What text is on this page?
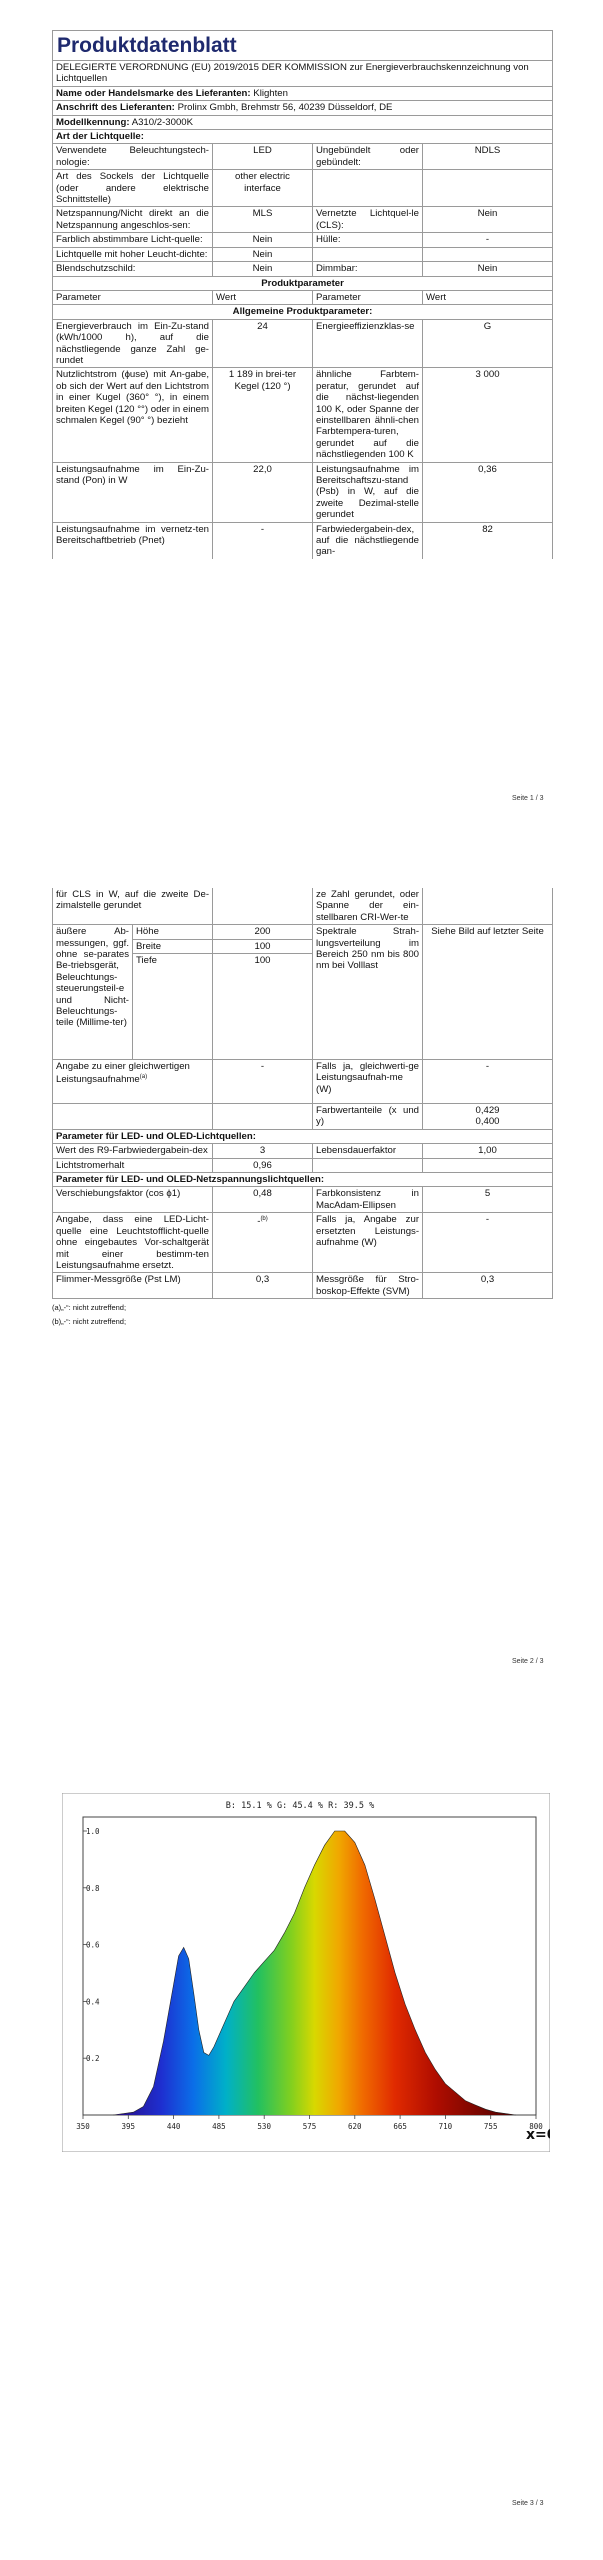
Produktdatenblatt			
DELEGIERTE VERORDNUNG (EU) 2019/2015 DER KOMMISSION zur Energieverbrauchskennzeichnung von Lichtquellen			
Name oder Handelsmarke des Lieferanten: Klighten			
Anschrift des Lieferanten: Prolinx Gmbh, Brehmstr 56, 40239 Düsseldorf, DE			
Modellkennung: A310/2-3000K			
Art der Lichtquelle:			
Verwendete Beleuchtungstech-nologie:	LED	Ungebündelt oder gebündelt:	NDLS
Art des Sockels der Lichtquelle (oder andere elektrische Schnittstelle)	other electric interface		
Netzspannung/Nicht direkt an die Netzspannung angeschlos-sen:	MLS	Vernetzte Lichtquel-le (CLS):	Nein
Farblich abstimmbare Licht-quelle:	Nein	Hülle:	-
Lichtquelle mit hoher Leucht-dichte:	Nein		
Blendschutzschild:	Nein	Dimmbar:	Nein
Produktparameter			
Parameter	Wert	Parameter	Wert
Allgemeine Produktparameter:			
Energieverbrauch im Ein-Zu-stand (kWh/1000 h), auf die nächstliegende ganze Zahl ge-rundet	24	Energieeffizienzklas-se	G
Nutzlichtstrom (ϕuse) mit An-gabe, ob sich der Wert auf den Lichtstrom in einer Kugel (360° °), in einem breiten Kegel (120 °°) oder in einem schmalen Kegel (90° °) bezieht	1 189 in brei-ter Kegel (120 °)	ähnliche Farbtem-peratur, gerundet auf die nächst-liegenden 100 K, oder Spanne der einstellbaren ähnli-chen Farbtempera-turen, gerundet auf die nächstliegenden 100 K	3 000
Leistungsaufnahme im Ein-Zu-stand (Pon) in W	22,0	Leistungsaufnahme im Bereitschaftszu-stand (Psb) in W, auf die zweite Dezimal-stelle gerundet	0,36
Leistungsaufnahme im vernetz-ten Bereitschaftbetrieb (Pnet)	-	Farbwiedergabein-dex, auf die nächstliegende gan-	82
Seite 1 / 3
für CLS in W, auf die zweite De-zimalstelle gerundet			ze Zahl gerundet, oder Spanne der ein-stellbaren CRI-Wer-te	
äußere Ab-messungen, ggf. ohne se-parates Be-triebsgerät, Beleuchtungs-steuerungsteil-e und Nicht-Beleuchtungs-teile (Millime-ter)	Höhe	200	Spektrale Strah-lungsverteilung im Bereich 250 nm bis 800 nm bei Volllast	Siehe Bild auf letzter Seite
	Breite	100		
	Tiefe	100		
Angabe zu einer gleichwertigen Leistungsaufnahme$^{(a)}$		-	Falls ja, gleichwerti-ge Leistungsaufnah-me (W)	-
			Farbwertanteile (x und y)	0,429
0,400

Parameter für LED- und OLED-Lichtquellen:				
Wert des R9-Farbwiedergabein-dex		3	Lebensdauerfaktor	1,00
Lichtstromerhalt		0,96		
Parameter für LED- und OLED-Netzspannungslichtquellen:				
Verschiebungsfaktor (cos ϕ1)		0,48	Farbkonsistenz in MacAdam-Ellipsen	5
Angabe, dass eine LED-Licht-quelle eine Leuchtstofflicht-quelle ohne eingebautes Vor-schaltgerät mit einer bestimm-ten Leistungsaufnahme ersetzt.		-$^{(b)}$	Falls ja, Angabe zur ersetzten Leistungs-aufnahme (W)	-
Flimmer-Messgröße (Pst LM)		0,3	Messgröße für Stro-boskop-Effekte (SVM)	0,3
(a)„-“: nicht zutreffend;
(b)„-“: nicht zutreffend;
Seite 2 / 3
Seite 3 / 3
B: 15.1 % G: 45.4 % R: 39.5 %
0.2
0.4
0.6
0.8
1.0
350	395	440	485	530	575	620	665	710	755	800
x=
